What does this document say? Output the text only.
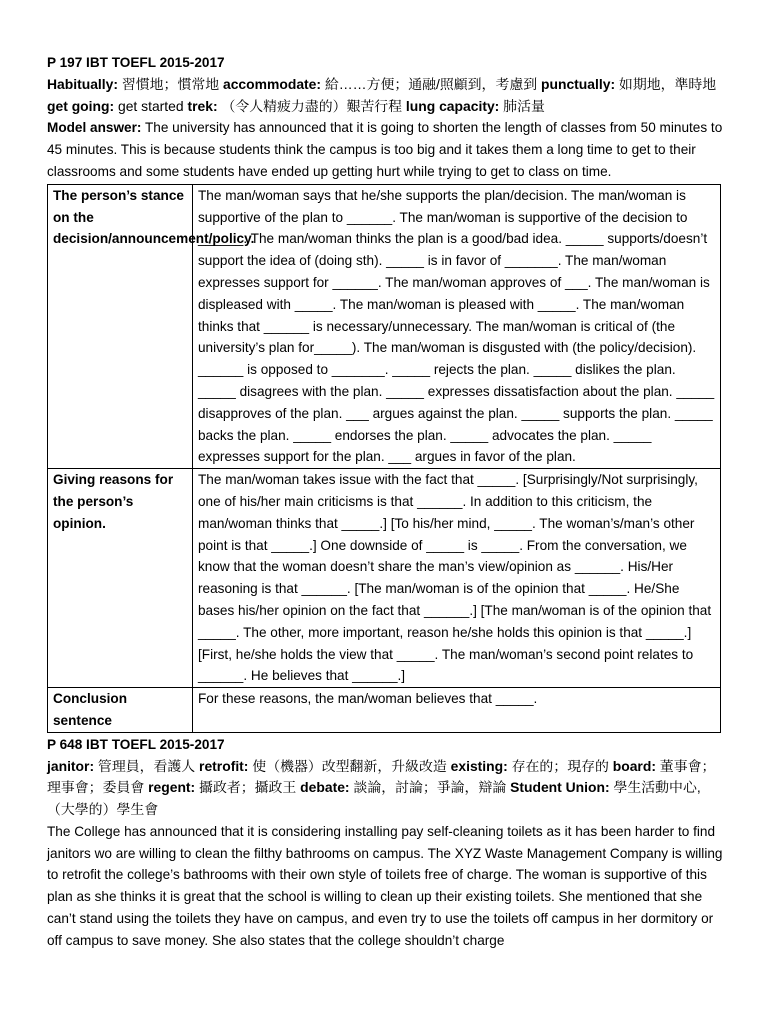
P 197 IBT TOEFL 2015-2017

Habitually: 習慣地；慣常地 accommodate: 給……方便；通融/照顧到，考慮到 punctually: 如期地，準時地 get going: get started trek: （令人精疲力盡的）艱苦行程 lung capacity: 肺活量

Model answer: The university has announced that it is going to shorten the length of classes from 50 minutes to 45 minutes. This is because students think the campus is too big and it takes them a long time to get to their classrooms and some students have ended up getting hurt while trying to get to class on time.

The person’s stance on the decision/announcement/policy.	The man/woman says that he/she supports the plan/decision. The man/woman is supportive of the plan to ______. The man/woman is supportive of the decision to ______. The man/woman thinks the plan is a good/bad idea. _____ supports/doesn’t support the idea of (doing sth). _____ is in favor of _______. The man/woman expresses support for ______. The man/woman approves of ___. The man/woman is displeased with _____. The man/woman is pleased with _____. The man/woman thinks that ______ is necessary/unnecessary. The man/woman is critical of (the university’s plan for_____). The man/woman is disgusted with (the policy/decision). ______ is opposed to _______. _____ rejects the plan. _____ dislikes the plan. _____ disagrees with the plan. _____ expresses dissatisfaction about the plan. _____ disapproves of the plan. ___ argues against the plan. _____ supports the plan. _____ backs the plan. _____ endorses the plan. _____ advocates the plan. _____ expresses support for the plan. ___ argues in favor of the plan.
Giving reasons for the person’s opinion.	The man/woman takes issue with the fact that _____. [Surprisingly/Not surprisingly, one of his/her main criticisms is that ______. In addition to this criticism, the man/woman thinks that _____.] [To his/her mind, _____. The woman’s/man’s other point is that _____.] One downside of _____ is _____. From the conversation, we know that the woman doesn’t share the man’s view/opinion as ______. His/Her reasoning is that ______. [The man/woman is of the opinion that _____. He/She bases his/her opinion on the fact that ______.] [The man/woman is of the opinion that _____. The other, more important, reason he/she holds this opinion is that _____.] [First, he/she holds the view that _____. The man/woman’s second point relates to ______. He believes that ______.]
Conclusion sentence	For these reasons, the man/woman believes that _____.

P 648 IBT TOEFL 2015-2017

janitor: 管理員，看護人 retrofit: 使（機器）改型翻新，升級改造 existing: 存在的；現存的 board: 董事會；理事會；委員會 regent: 攝政者；攝政王 debate: 談論，討論；爭論，辯論 Student Union: 學生活動中心,（大學的）學生會

The College has announced that it is considering installing pay self-cleaning toilets as it has been harder to find janitors wo are willing to clean the filthy bathrooms on campus. The XYZ Waste Management Company is willing to retrofit the college’s bathrooms with their own style of toilets free of charge. The woman is supportive of this plan as she thinks it is great that the school is willing to clean up their existing toilets. She mentioned that she can’t stand using the toilets they have on campus, and even try to use the toilets off campus in her dormitory or off campus to save money. She also states that the college shouldn’t charge
